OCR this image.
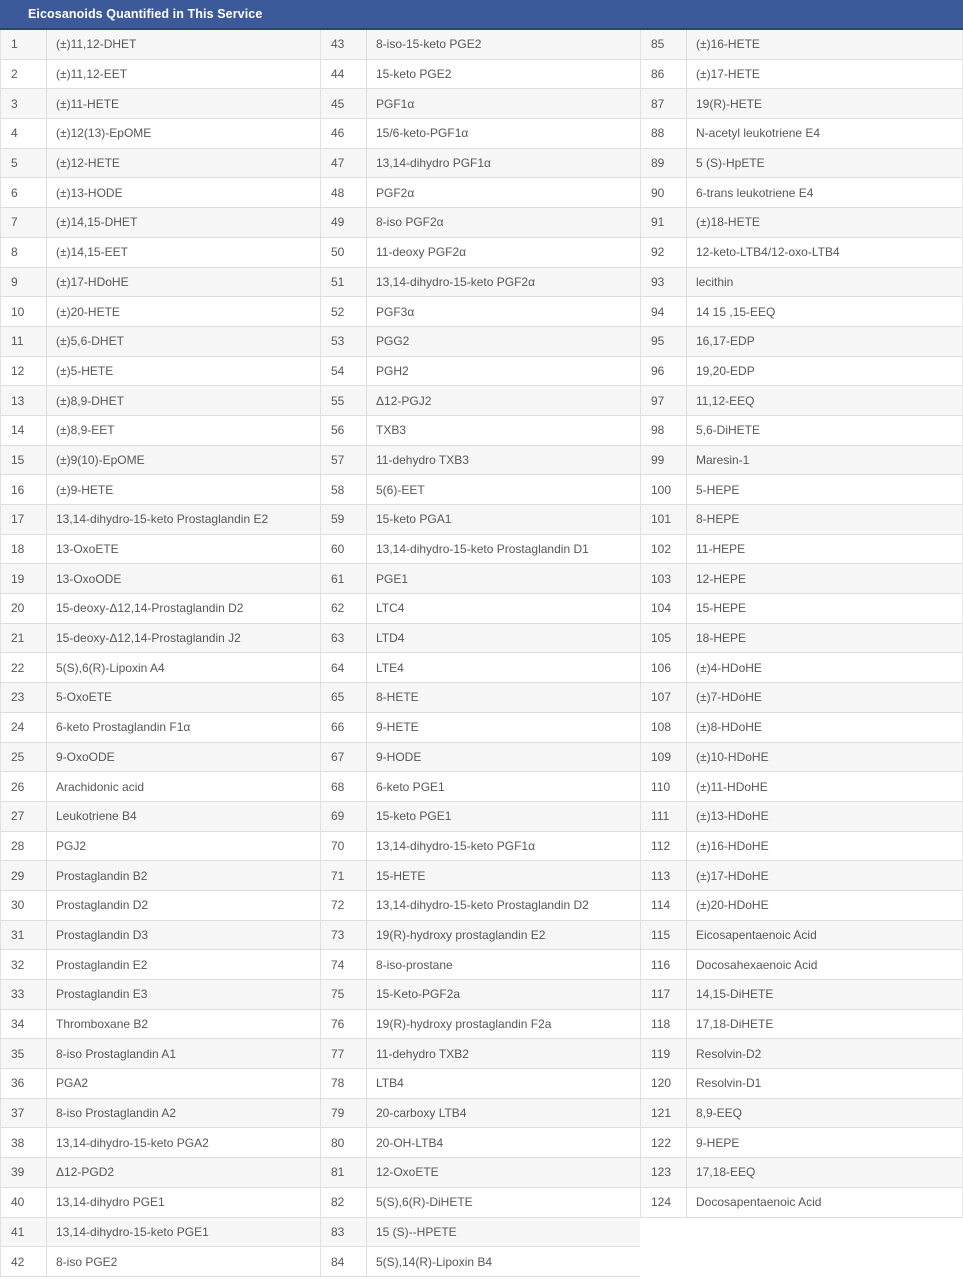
Eicosanoids Quantified in This Service
1	(±)11,12-DHET
2	(±)11,12-EET
3	(±)11-HETE
4	(±)12(13)-EpOME
5	(±)12-HETE
6	(±)13-HODE
7	(±)14,15-DHET
8	(±)14,15-EET
9	(±)17-HDoHE
10	(±)20-HETE
11	(±)5,6-DHET
12	(±)5-HETE
13	(±)8,9-DHET
14	(±)8,9-EET
15	(±)9(10)-EpOME
16	(±)9-HETE
17	13,14-dihydro-15-keto Prostaglandin E2
18	13-OxoETE
19	13-OxoODE
20	15-deoxy-Δ12,14-Prostaglandin D2
21	15-deoxy-Δ12,14-Prostaglandin J2
22	5(S),6(R)-Lipoxin A4
23	5-OxoETE
24	6-keto Prostaglandin F1α
25	9-OxoODE
26	Arachidonic acid
27	Leukotriene B4
28	PGJ2
29	Prostaglandin B2
30	Prostaglandin D2
31	Prostaglandin D3
32	Prostaglandin E2
33	Prostaglandin E3
34	Thromboxane B2
35	8-iso Prostaglandin A1
36	PGA2
37	8-iso Prostaglandin A2
38	13,14-dihydro-15-keto PGA2
39	Δ12-PGD2
40	13,14-dihydro PGE1
41	13,14-dihydro-15-keto PGE1
42	8-iso PGE2
43	8-iso-15-keto PGE2
44	15-keto PGE2
45	PGF1α
46	15/6-keto-PGF1α
47	13,14-dihydro PGF1α
48	PGF2α
49	8-iso PGF2α
50	11-deoxy PGF2α
51	13,14-dihydro-15-keto PGF2α
52	PGF3α
53	PGG2
54	PGH2
55	Δ12-PGJ2
56	TXB3
57	11-dehydro TXB3
58	5(6)-EET
59	15-keto PGA1
60	13,14-dihydro-15-keto Prostaglandin D1
61	PGE1
62	LTC4
63	LTD4
64	LTE4
65	8-HETE
66	9-HETE
67	9-HODE
68	6-keto PGE1
69	15-keto PGE1
70	13,14-dihydro-15-keto PGF1α
71	15-HETE
72	13,14-dihydro-15-keto Prostaglandin D2
73	19(R)-hydroxy prostaglandin E2
74	8-iso-prostane
75	15-Keto-PGF2a
76	19(R)-hydroxy prostaglandin F2a
77	11-dehydro TXB2
78	LTB4
79	20-carboxy LTB4
80	20-OH-LTB4
81	12-OxoETE
82	5(S),6(R)-DiHETE
83	15 (S)--HPETE
84	5(S),14(R)-Lipoxin B4
85	(±)16-HETE
86	(±)17-HETE
87	19(R)-HETE
88	N-acetyl leukotriene E4
89	5 (S)-HpETE
90	6-trans leukotriene E4
91	(±)18-HETE
92	12-keto-LTB4/12-oxo-LTB4
93	lecithin
94	14 15 ,15-EEQ
95	16,17-EDP
96	19,20-EDP
97	11,12-EEQ
98	5,6-DiHETE
99	Maresin-1
100	5-HEPE
101	8-HEPE
102	11-HEPE
103	12-HEPE
104	15-HEPE
105	18-HEPE
106	(±)4-HDoHE
107	(±)7-HDoHE
108	(±)8-HDoHE
109	(±)10-HDoHE
110	(±)11-HDoHE
111	(±)13-HDoHE
112	(±)16-HDoHE
113	(±)17-HDoHE
114	(±)20-HDoHE
115	Eicosapentaenoic Acid
116	Docosahexaenoic Acid
117	14,15-DiHETE
118	17,18-DiHETE
119	Resolvin-D2
120	Resolvin-D1
121	8,9-EEQ
122	9-HEPE
123	17,18-EEQ
124	Docosapentaenoic Acid
